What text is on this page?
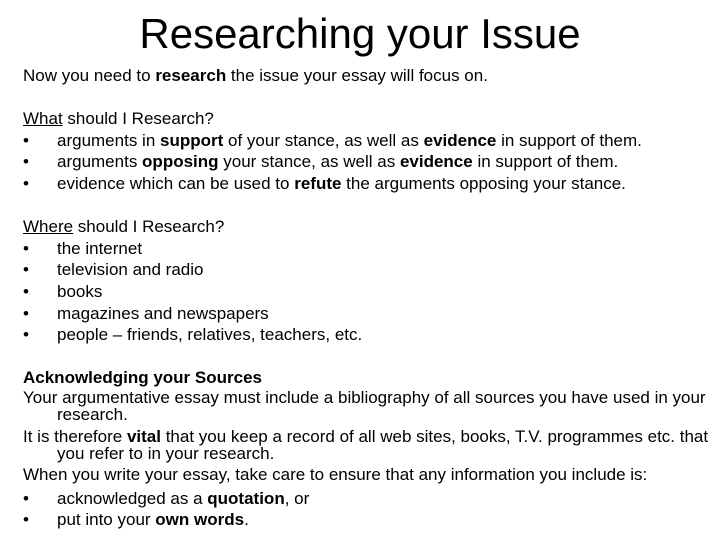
Researching your Issue

Now you need to research the issue your essay will focus on.

What should I Research?

•	arguments in support of your stance, as well as evidence in support of them.
•	arguments opposing your stance, as well as evidence in support of them.
•	evidence which can be used to refute the arguments opposing your stance.

Where should I Research?

•	the internet
•	television and radio
•	books
•	magazines and newspapers
•	people – friends, relatives, teachers, etc.

Acknowledging your Sources

Your argumentative essay must include a bibliography of all sources you have used in your research.

It is therefore vital that you keep a record of all web sites, books, T.V. programmes etc. that you refer to in your research.

When you write your essay, take care to ensure that any information you include is:

•	acknowledged as a quotation, or
•	put into your own words.
